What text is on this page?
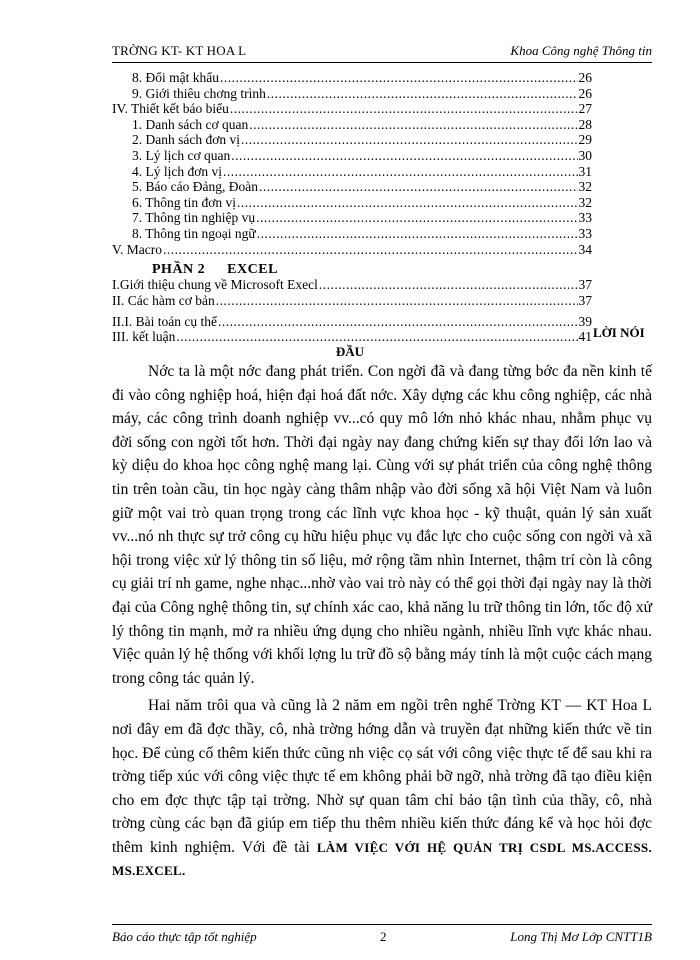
TRỜNG KT- KT HOA L	Khoa Công nghệ Thông tin
8. Đổi mật khẩu .....	26
9. Giới thiêu chơng trình .....	26
IV. Thiết kết báo biểu .....	27
1. Danh sách cơ quan .....	28
2. Danh sách đơn vị .....	29
3. Lý lịch cơ quan .....	30
4. Lý lịch đơn vị .....	31
5. Báo cáo Đảng, Đoàn .....	32
6. Thông tin đơn vị .....	32
7. Thông tin nghiệp vụ .....	33
8. Thông tin ngoại ngữ .....	33
V. Macro .....	34
PHẦN 2 EXCEL
I.Giới thiệu chung về Microsoft Execl .....	37
II. Các hàm cơ bản .....	37
II.I. Bài toán cụ thể .....	39
III. kết luận .....	41 LỜI NÓI
ĐẦU

Nớc ta là một nớc đang phát triển. Con ngời đã và đang từng bớc đa nền kinh tế đi vào công nghiệp hoá, hiện đại hoá đất nớc. Xây dựng các khu công nghiệp, các nhà máy, các công trình doanh nghiệp vv...có quy mô lớn nhỏ khác nhau, nhằm phục vụ đời sống con ngời tốt hơn. Thời đại ngày nay đang chứng kiến sự thay đổi lớn lao và kỳ diệu do khoa học công nghệ mang lại. Cùng với sự phát triển của công nghệ thông tin trên toàn cầu, tin học ngày càng thâm nhập vào đời sống xã hội Việt Nam và luôn giữ một vai trò quan trọng trong các lĩnh vực khoa học - kỹ thuật, quản lý sản xuất vv...nó nh thực sự trở công cụ hữu hiệu phục vụ đắc lực cho cuộc sống con ngời và xã hội trong việc xử lý thông tin số liệu, mở rộng tầm nhìn Internet, thậm trí còn là công cụ giải trí nh game, nghe nhạc...nhờ vào vai trò này có thể gọi thời đại ngày nay là thời đại của Công nghệ thông tin, sự chính xác cao, khả năng lu trữ thông tin lớn, tốc độ xử lý thông tin mạnh, mở ra nhiều ứng dụng cho nhiều ngành, nhiều lĩnh vực khác nhau. Việc quản lý hệ thống với khối lợng lu trữ đồ sộ bằng máy tính là một cuộc cách mạng trong công tác quản lý.

Hai năm trôi qua và cũng là 2 năm em ngồi trên nghế Trờng KT — KT Hoa L nơi đây em đã đợc thầy, cô, nhà trờng hớng dẫn và truyền đạt những kiến thức về tin học. Để củng cố thêm kiến thức cũng nh việc cọ sát với công việc thực tế để sau khi ra trờng tiếp xúc với công việc thực tế em không phải bỡ ngỡ, nhà trờng đã tạo điều kiện cho em đợc thực tập tại trờng. Nhờ sự quan tâm chỉ bảo tận tình của thầy, cô, nhà trờng cùng các bạn đã giúp em tiếp thu thêm nhiều kiến thức đáng kể và học hỏi đợc thêm kinh nghiệm. Với đề tài LÀM VIỆC VỚI HỆ QUẢN TRỊ CSDL MS.ACCESS. MS.EXCEL.

Báo cáo thực tập tốt nghiệp	2	Long Thị Mơ Lớp CNTT1B
